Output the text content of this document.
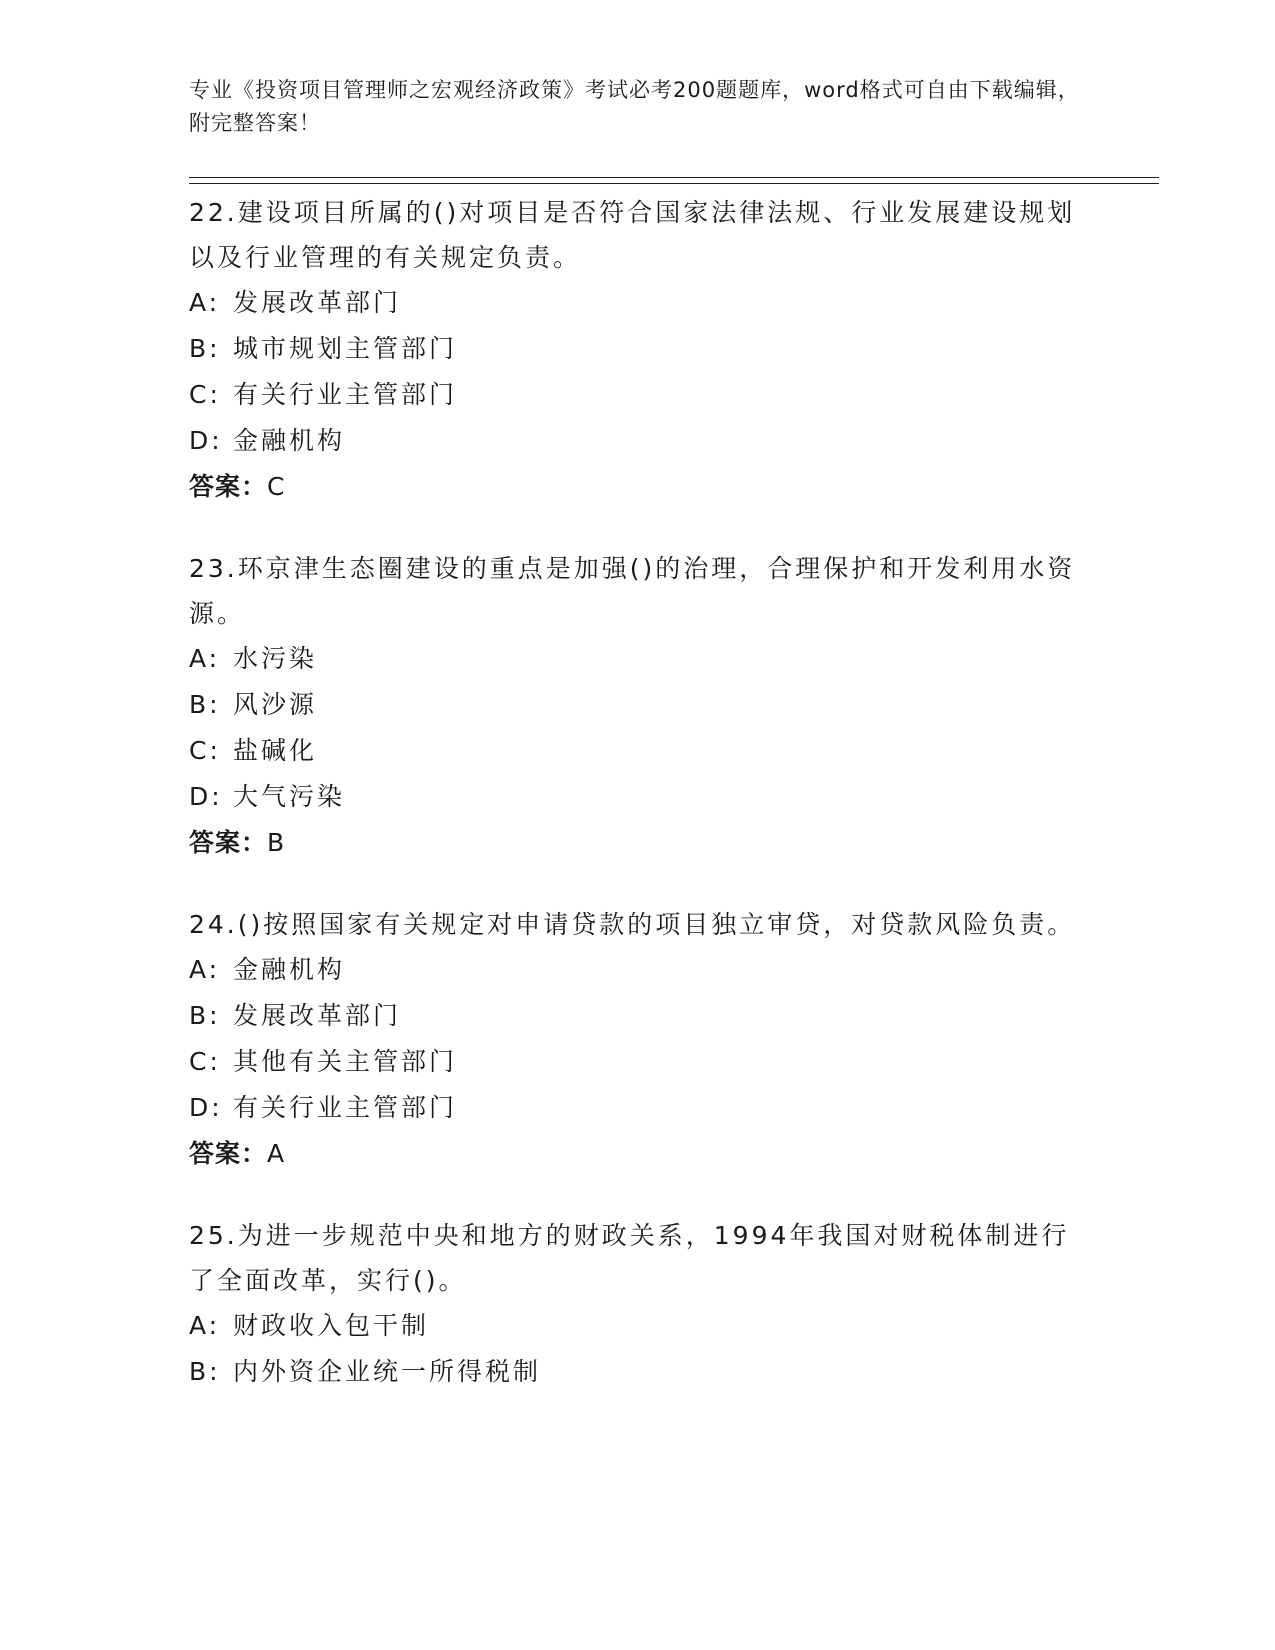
专业《投资项目管理师之宏观经济政策》考试必考200题题库，word格式可自由下载编辑，附完整答案！

22.建设项目所属的()对项目是否符合国家法律法规、行业发展建设规划以及行业管理的有关规定负责。

A: 发展改革部门
B: 城市规划主管部门
C: 有关行业主管部门
D: 金融机构
答案：C

23.环京津生态圈建设的重点是加强()的治理，合理保护和开发利用水资源。

A: 水污染
B: 风沙源
C: 盐碱化
D: 大气污染
答案：B

24.()按照国家有关规定对申请贷款的项目独立审贷，对贷款风险负责。

A: 金融机构
B: 发展改革部门
C: 其他有关主管部门
D: 有关行业主管部门
答案：A

25.为进一步规范中央和地方的财政关系，1994年我国对财税体制进行了全面改革，实行()。

A: 财政收入包干制
B: 内外资企业统一所得税制
